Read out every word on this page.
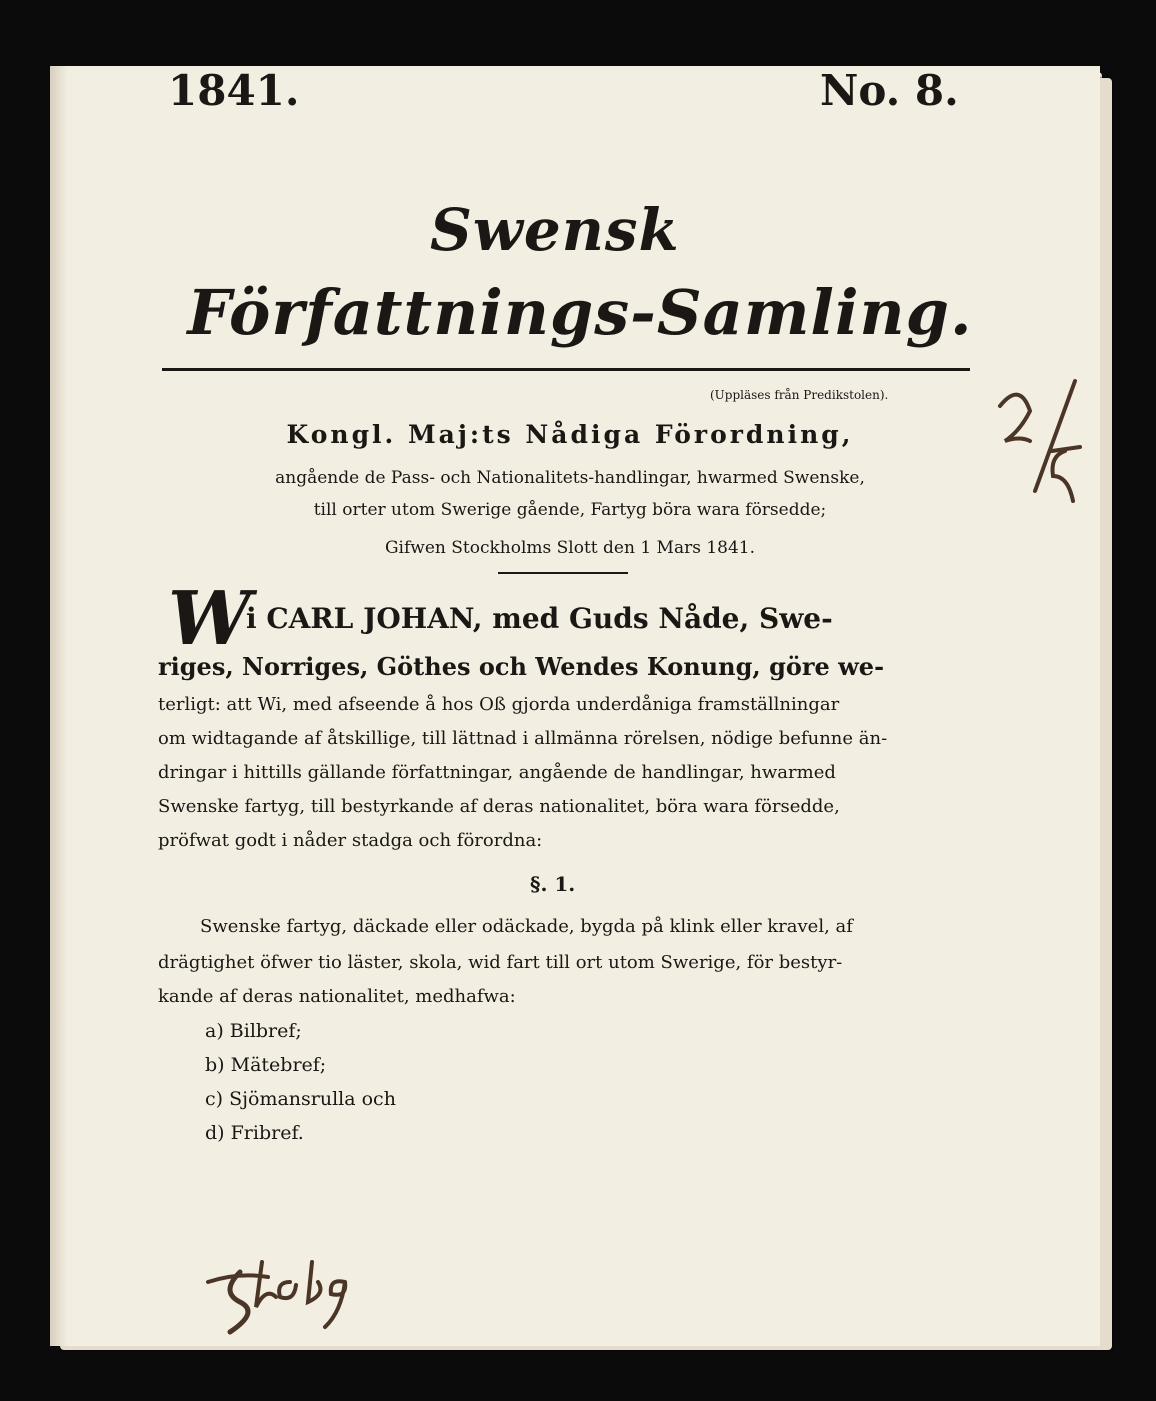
1841.	No. 8.
Swensk
Författnings-Samling.
(Uppläses från Predikstolen).
Kongl. Maj:ts Nådiga Förordning,
angående de Pass- och Nationalitets-handlingar, hwarmed Swenske,
till orter utom Swerige gående, Fartyg böra wara försedde;
Gifwen Stockholms Slott den 1 Mars 1841.
W
i CARL JOHAN, med Guds Nåde, Swe-
riges, Norriges, Göthes och Wendes Konung, göre we-
terligt: att Wi, med afseende å hos Oß gjorda underdåniga framställningar
om widtagande af åtskillige, till lättnad i allmänna rörelsen, nödige befunne än-
dringar i hittills gällande författningar, angående de handlingar, hwarmed
Swenske fartyg, till bestyrkande af deras nationalitet, böra wara försedde,
pröfwat godt i nåder stadga och förordna:
§. 1.
Swenske fartyg, däckade eller odäckade, bygda på klink eller kravel, af
drägtighet öfwer tio läster, skola, wid fart till ort utom Swerige, för bestyr-
kande af deras nationalitet, medhafwa:
a) Bilbref;
b) Mätebref;
c) Sjömansrulla och
d) Fribref.
